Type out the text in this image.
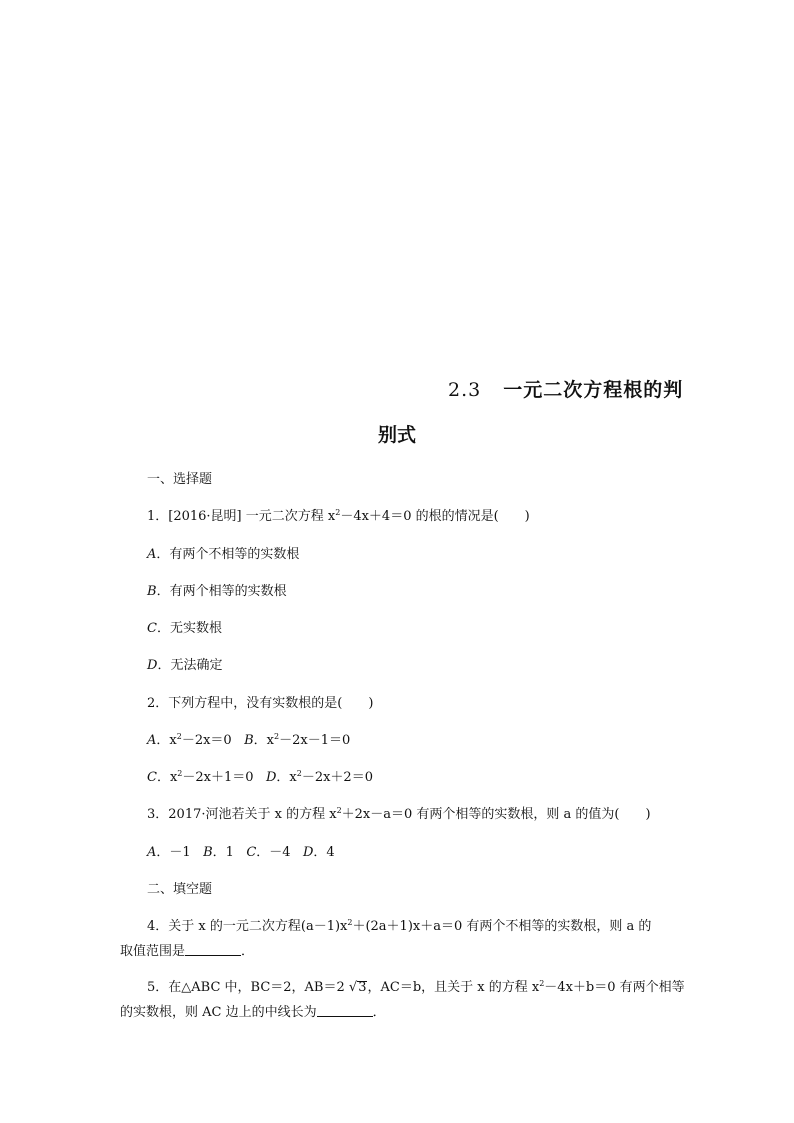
2.3 一元二次方程根的判
别式
一、选择题
1．[2016·昆明] 一元二次方程 $x^2-4x+4=0$ 的根的情况是(　　)
A．有两个不相等的实数根
B．有两个相等的实数根
C．无实数根
D．无法确定
2．下列方程中，没有实数根的是(　　)
A．$x^2-2x=0$ B．$x^2-2x-1=0$
C．$x^2-2x+1=0$ D．$x^2-2x+2=0$
3．2017·河池若关于 x 的方程 $x^2+2x-a=0$ 有两个相等的实数根，则 a 的值为(　　)
A．－1 B．1 C．－4 D．4
二、填空题
4．关于 x 的一元二次方程$(a-1)x^2+(2a+1)x+a=0$ 有两个不相等的实数根，则 a 的
取值范围是	．
5．在△ABC 中，BC＝2，AB＝2 √3，AC＝b，且关于 x 的方程 $x^2-4x+b=0$ 有两个相等
的实数根，则 AC 边上的中线长为	．
